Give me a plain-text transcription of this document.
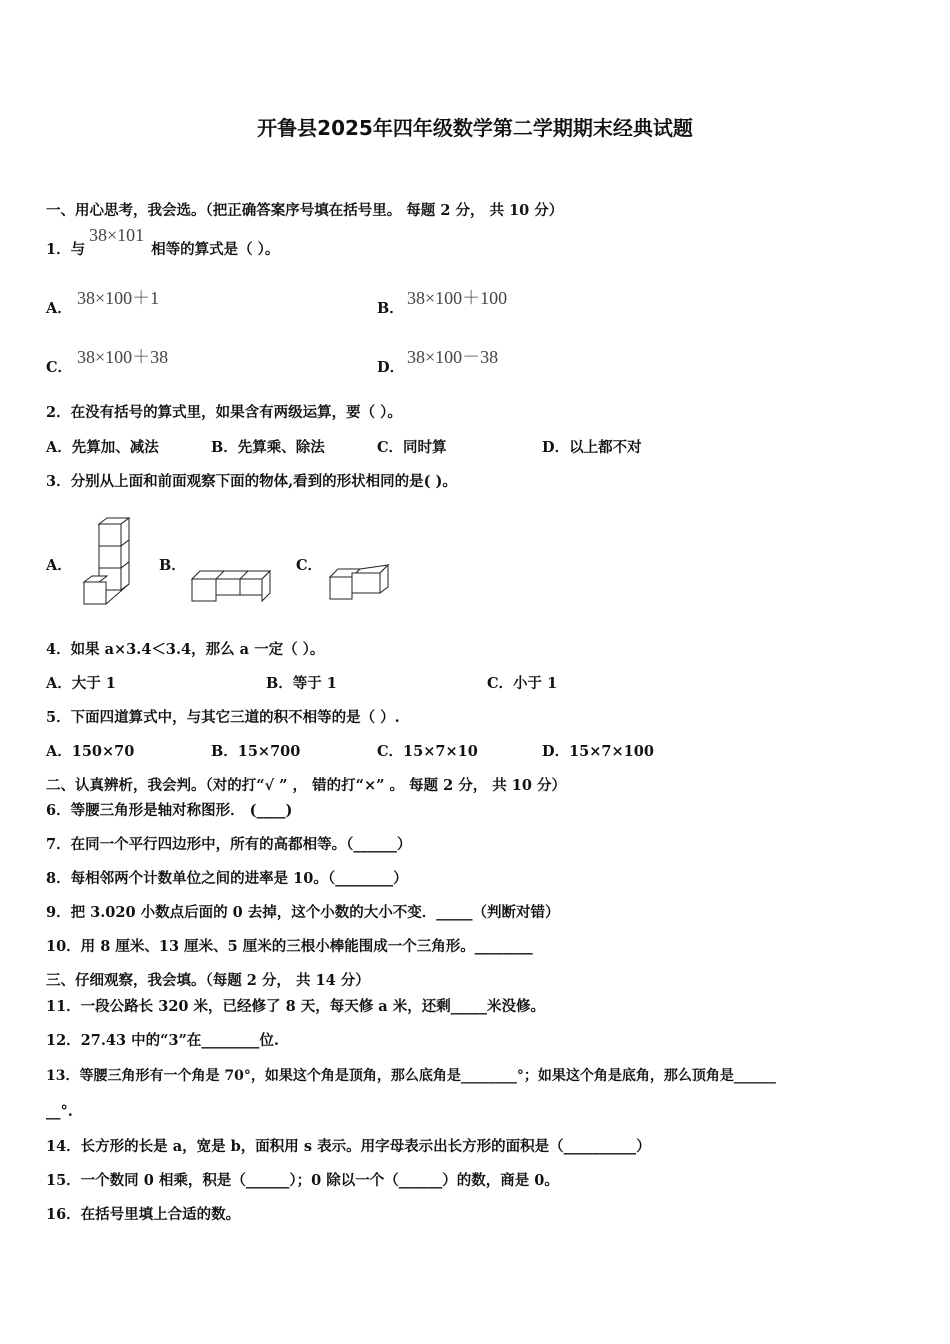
开鲁县2025年四年级数学第二学期期末经典试题
一、用心思考，我会选。（把正确答案序号填在括号里。 每题 2 分， 共 10 分）
1．与	相等的算式是（ ）。
38×101
A．
38×100＋1
B．
38×100＋100
C．
38×100＋38
D．
38×100－38
2．在没有括号的算式里，如果含有两级运算，要（ ）。
A．先算加、减法	B．先算乘、除法	C．同时算	D．以上都不对
3．分别从上面和前面观察下面的物体,看到的形状相同的是( )。
A．	B．	C．
4．如果 a×3.4＜3.4，那么 a 一定（ ）。
A．大于 1	B．等于 1	C．小于 1
5．下面四道算式中，与其它三道的积不相等的是（ ）.
A．150×70	B．15×700	C．15×7×10	D．15×7×100
二、认真辨析，我会判。（对的打“√ ” ， 错的打“×” 。 每题 2 分， 共 10 分）
6．等腰三角形是轴对称图形． (____)
7．在同一个平行四边形中，所有的高都相等。（______）
8．每相邻两个计数单位之间的进率是 10。（________）
9．把 3.020 小数点后面的 0 去掉，这个小数的大小不变．_____（判断对错）
10．用 8 厘米、13 厘米、5 厘米的三根小棒能围成一个三角形。________
三、仔细观察，我会填。（每题 2 分， 共 14 分）
11．一段公路长 320 米，已经修了 8 天，每天修 a 米，还剩_____米没修。
12．27.43 中的“3”在________位.
13．等腰三角形有一个角是 70°，如果这个角是顶角，那么底角是________°；如果这个角是底角，那么顶角是______
__°.
14．长方形的长是 a，宽是 b，面积用 s 表示。用字母表示出长方形的面积是（__________）
15．一个数同 0 相乘，积是（______）；0 除以一个（______）的数，商是 0。
16．在括号里填上合适的数。
